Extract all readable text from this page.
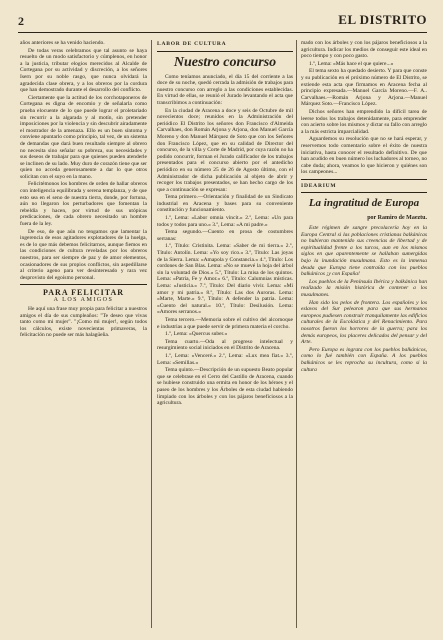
2	EL DISTRITO

años anteriores se ha venido haciendo.

De todas veras celebramos que tal asunto se haya resuelto de un modo satisfactorio y cúmplenos, en honor a la justicia, tributar elogios merecidos al Alcalde de Cortegana por su actividad y discreción, a los señores Isern por su noble rasgo, que nunca olvidará la agradecida clase obrera, y a los obreros por la cordura que han demostrado durante el desarrollo del conflicto.

Ciertamente que la actitud de los corchotaponeros de Cortegana es digna de encomio y de señalarla como prueba elocuente de lo que puede lograr el proletariado sin recurrir a la algarada y al motín, sin pretender imposiciones por la violencia y sin descubrir airadamente el mostrador de la amenaza. Ello es un buen síntoma y conviene apuntarlo como principio, tal vez, de un sistema de demandas que dará buen resultado siempre al obrero no necesita sino señalar su pobreza, sus necesidades y sus deseos de trabajar para que quienes pueden atenderle se inclinen de su lado. Muy duro de corazón tiene que ser quien no acceda generosamente a dar lo que otros solicitan con el suyo en la mano.

Felicitémonos los hombres de orden de hallar obreros con inteligencia equilibrada y serena templanza, y de que esto sea en el seno de nuestra tierra, donde, por fortuna, aún no llegaron los perturbadores que fomentan la rebeldía y hacen, por virtud de sus utópicas predicaciones, de cada obrero necesitado un hombre fuera de la ley.

De eso, de que aún no tengamos que lamentar la ingerencia de esos agitadores explotadores de la huelga, es de lo que más debemos felicitarnos, aunque fiemos en las condiciones de cultura reveladas por los obreros nuestros, para ser siempre de paz y de amor elementos, ocasionadores de sus propios conflictos, sin aspedillarse al criterio ageno para ver desinteresado y rara vez desprovisto del egoísmo personal.

PARA FELICITAR
A LOS AMIGOS

He aquí una frase muy propia para felicitar a nuestros amigos el día de sus cumpleaños: "Te deseo que vivas tanto como mi mujer". "¡Como mi mujer!, según todos los cálculos, existe novecientas primaveras, la felicitación no puede ser más halagüeña.

LABOR DE CULTURA
Nuestro concurso

Como teníamos anunciado, el día 15 del corriente a las doce de su noche, quedó cerrada la admisión de trabajos para nuestro concurso con arreglo a las condiciones establecidas. En virtud de ellas, se reunió el Jurado levantando el acta que transcribimos a continuación:

En la ciudad de Aracena a doce y seis de Octubre de mil novecientos doce; reunidos en la Administración del periódico El Distrito los señores don Francisco d'Almeida Carvalhaes, don Román Arjona y Arjona, don Manuel García Moreno y don Manuel Márquez de Soto que con los Señores don Francisco López, que en su calidad de Director del concurso, de la villa y Corte de Madrid, por cuya razón no ha podido concurrir, forman el Jurado calificador de los trabajos presentados para el concurso abierto por el antedicho periódico en su número 25 de 26 de Agosto último, con el Administrador de dicha publicación al objeto de abrir y recoger los trabajos presentados, se han hecho cargo de los que a continuación se expresan:

Tema primero.—Orientación y finalidad de un Sindicato industrial en Aracena y bases para su conveniente constitución y funcionamiento.

1.º, Lema: «Labor omnia vincit.» 2.º, Lema: «Un para todos y todos para uno.» 3.º, Lema: «A mi padre.»

Tema segundo.—Cuento en prosa de costumbres serranas:

1.º, Título: Cristinita. Lema: «Saber de mi tierra.» 2.º, Título: Antolín. Lema: «Yo soy rico.» 3.º, Título: Las joyas de la Sierra. Lema: «Amapola y Constancia.» 4.º, Título: Los cordones de San Blas. Lema: «No se muevé la hoja del árbol sin la voluntad de Dios.» 5.º, Título: La misa de los quintos. Lema: «Patria, Fe y Amor.» 6.º, Título: Calumnias místicas. Lema: «Justicia.» 7.º, Título: Del diario vivir. Lema: «Mi amor y mi patria.» 8.º, Título: Las dos Auroras. Lema: «Marte, Marte.» 9.º, Título: A defender la patria. Lema: «Cuento del natural.» 10.º, Título: Desilusión. Lema: «Amores serranos.»

Tema tercero.—Memoria sobre el cultivo del alcornoque e industrias a que puede servir de primera materia el corcho.

1.º, Lema: «Quercus suber.»

Tema cuarto.—Oda al progreso intelectual y resurgimiento social iniciados en el Distrito de Aracena.

1.º, Lema: «Venceré.» 2.º, Lema: «Lux mea fiat.» 3.º, Lema: «Semillas.»

Tema quinto.—Descripción de un supuesto Beato popular que se celebrase en el Cerro del Castillo de Aracena, cuando se hubiese construido una ermita en honor de los héroes y el paseo de los hombres y los Árboles de esta ciudad habiendo limpiado con los árboles y con los pájaros beneficiosos a la agricultura.

mado con los árboles y con los pájaros beneficiosos a la agricultura. Indicar los medios de conseguir este ideal en poco tiempo y con poco gasto.

1.º, Lema: «Más hace el que quiere...»

El tema sexto ha quedado desierto. Y para que conste y su publicación en el próximo número de El Distrito, se extiende esta acta que firmamos en Aracena fecha al principio expresada.—Manuel García Moreno.—F. A.. Carvalhaes.—Román Arjona y Arjona.—Manuel Márquez Soto.—Francisco López.

Dichos señores han emprendido la difícil tarea de leerse todos los trabajos detenidamente, para emprender con acierto sobre los mismos y dictar su fallo con arreglo a la más estricta imparcialidad.

Aguardemos su resolución que no se hará esperar, y reservemos todo comentario sobre el éxito de nuestra iniciativa, hasta conocer el resultado definitivo. De que han acudido en buen número los luchadores al torneo, no cabe duda; ahora, veamos lo que hicieron y quiénes son los campeones...

IDEARIUM
La ingratitud de Europa
por Ramiro de Maeztu.

Este régimen de sangre precolacería hoy en la Europa Central si las poblaciones cristianas balkánicas no hubieran mantenido sus creencias de libertad y de espiritualidad frente a los turcos, aun en los mismos siglos en que aparentemente se hallaban sumergidas bajo la inundación musulmana. Esto es la inmensa deuda que Europa tiene contraída con los pueblos balkánicos ¡y con España!

Los pueblos de la Península Ibérica y balkánica han realizado la misión histórica de contener a los musulmanes.

Han sido los pelos de frontera. Los españoles y los eslavos del Sur pelearon para que sus hermanos europeos pudiesen construir tranquilamente las edificios culturales de la Escolástica y del Renacimiento. Para nosotros fueron los horrores de la guerra; para los demás europeos, los placeres delicados del pensar y del Arte.

Pero Europa es ingrata con los pueblos balkánicos, como lo fué también con España. A los pueblos balkánicos se les reprocha su incultura, como si la cultura
